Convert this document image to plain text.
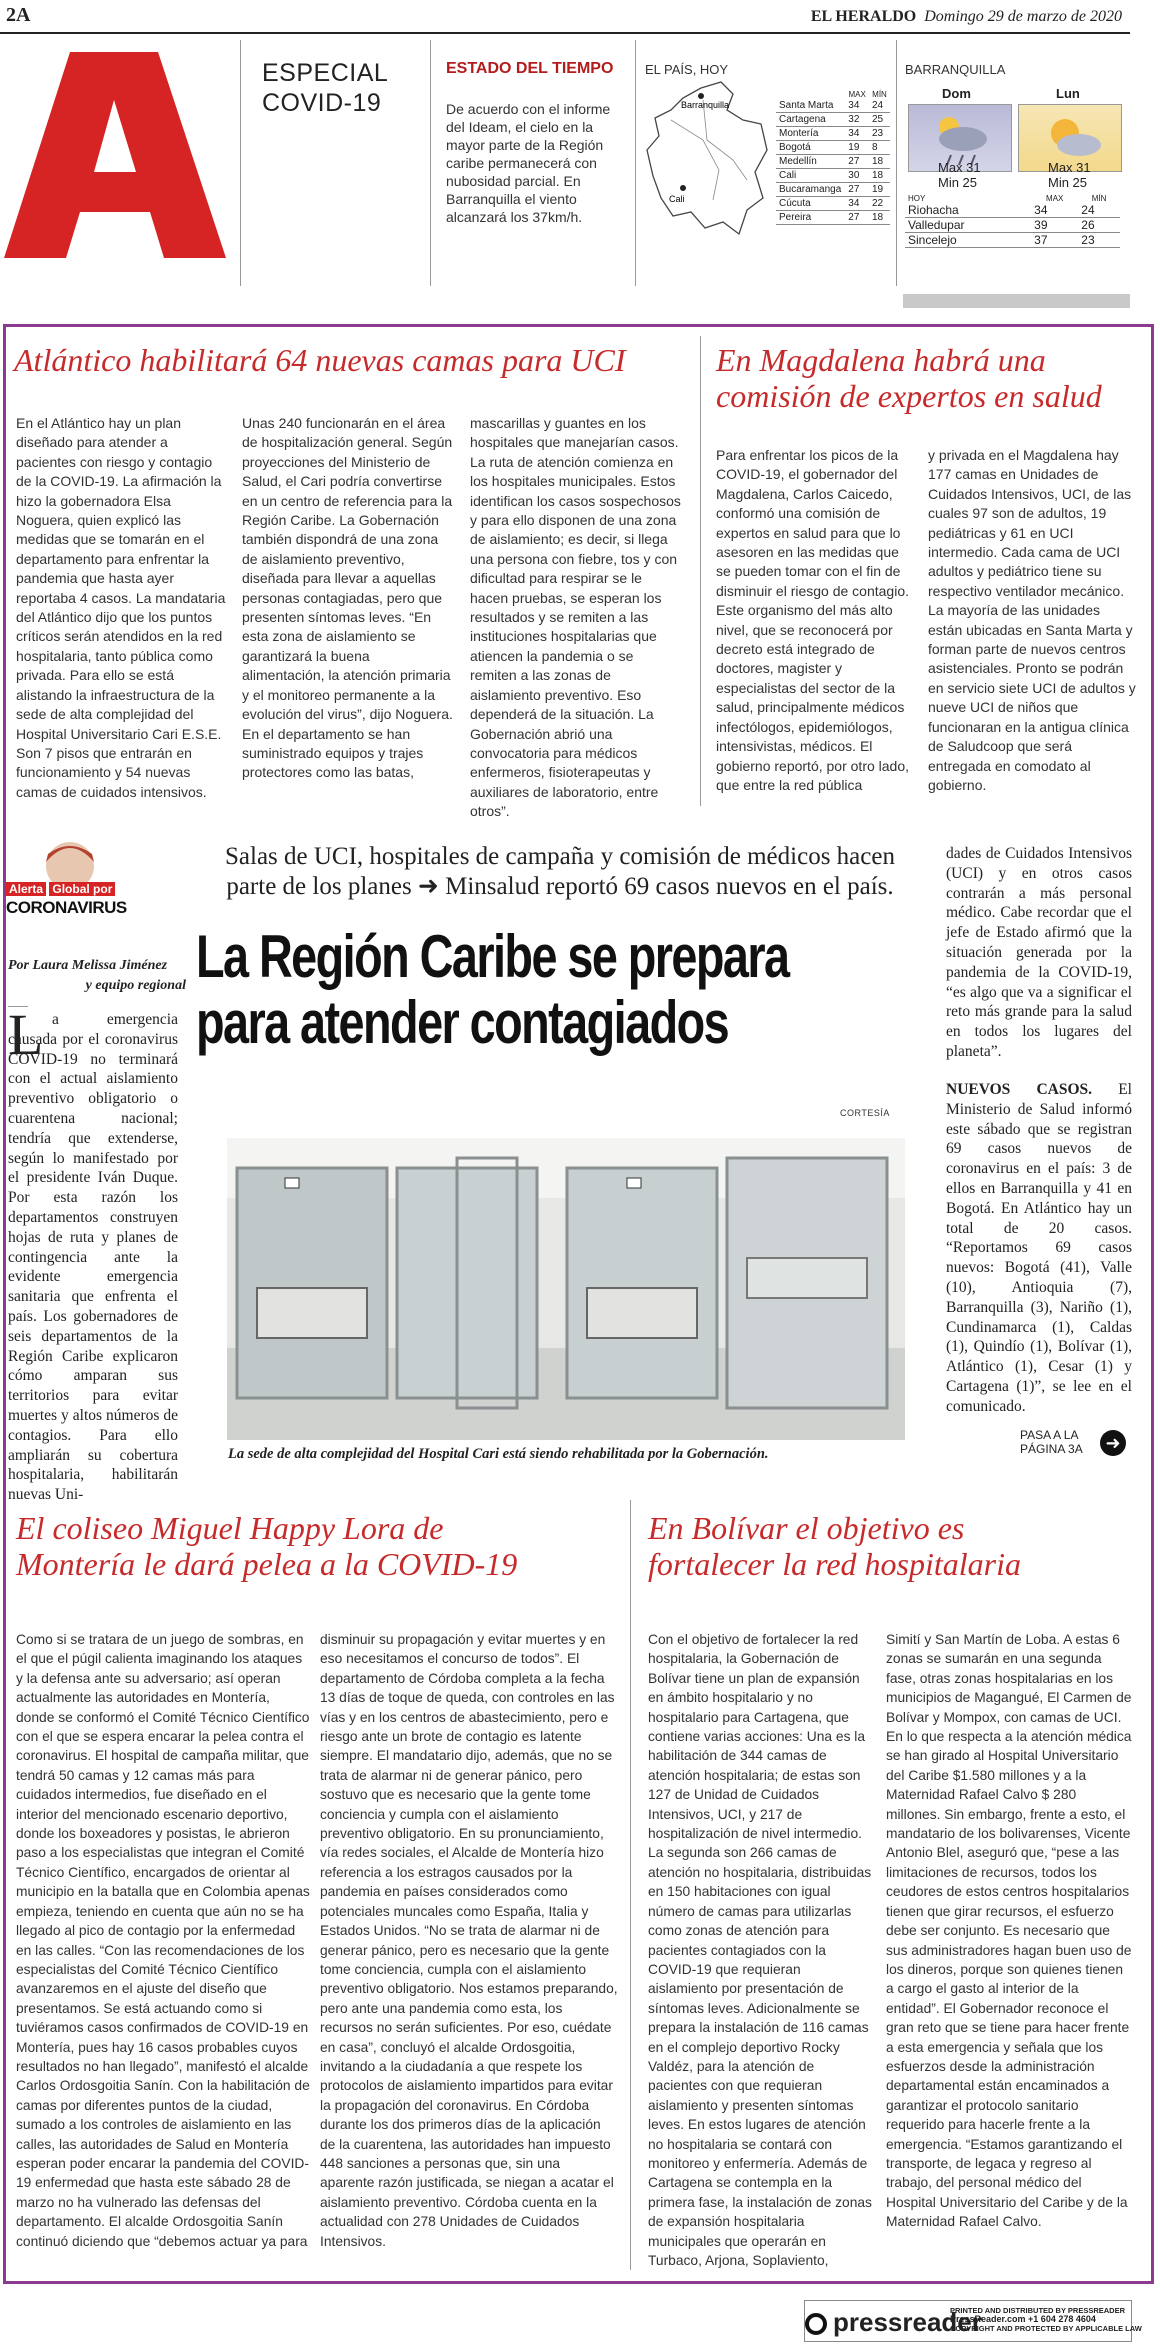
2A	EL HERALDO Domingo 29 de marzo de 2020
ESPECIAL
COVID-19
ESTADO DEL TIEMPO
De acuerdo con el informe del Ideam, el cielo en la mayor parte de la Región caribe permanecerá con nubosidad parcial. En Barranquilla el viento alcanzará los 37km/h.
EL PAÍS, HOY
Barranquilla
Cali
	MAX	MÍN
Santa Marta	34	24
Cartagena	32	25
Montería	34	23
Bogotá	19	8
Medellín	27	18
Cali	30	18
Bucaramanga	27	19
Cúcuta	34	22
Pereira	27	18
BARRANQUILLA
Dom	Lun
Max 31
Min 25
Max 31
Min 25
HOY	MAX	MÍN
Riohacha	34	24
Valledupar	39	26
Sincelejo	37	23
Atlántico habilitará 64 nuevas camas para UCI
En el Atlántico hay un plan diseñado para atender a pacientes con riesgo y contagio de la COVID-19. La afirmación la hizo la gobernadora Elsa Noguera, quien explicó las medidas que se tomarán en el departamento para enfrentar la pandemia que hasta ayer reportaba 4 casos. La mandataria del Atlántico dijo que los puntos críticos serán atendidos en la red hospitalaria, tanto pública como privada. Para ello se está alistando la infraestructura de la sede de alta complejidad del Hospital Universitario Cari E.S.E. Son 7 pisos que entrarán en funcionamiento y 54 nuevas camas de cuidados intensivos.
Unas 240 funcionarán en el área de hospitalización general. Según proyecciones del Ministerio de Salud, el Cari podría convertirse en un centro de referencia para la Región Caribe. La Gobernación también dispondrá de una zona de aislamiento preventivo, diseñada para llevar a aquellas personas contagiadas, pero que presenten síntomas leves. “En esta zona de aislamiento se garantizará la buena alimentación, la atención primaria y el monitoreo permanente a la evolución del virus”, dijo Noguera. En el departamento se han suministrado equipos y trajes protectores como las batas,
mascarillas y guantes en los hospitales que manejarían casos. La ruta de atención comienza en los hospitales municipales. Estos identifican los casos sospechosos y para ello disponen de una zona de aislamiento; es decir, si llega una persona con fiebre, tos y con dificultad para respirar se le hacen pruebas, se esperan los resultados y se remiten a las instituciones hospitalarias que atiencen la pandemia o se remiten a las zonas de aislamiento preventivo. Eso dependerá de la situación. La Gobernación abrió una convocatoria para médicos enfermeros, fisioterapeutas y auxiliares de laboratorio, entre otros”.
En Magdalena habrá una comisión de expertos en salud
Para enfrentar los picos de la COVID-19, el gobernador del Magdalena, Carlos Caicedo, conformó una comisión de expertos en salud para que lo asesoren en las medidas que se pueden tomar con el fin de disminuir el riesgo de contagio. Este organismo del más alto nivel, que se reconocerá por decreto está integrado de doctores, magister y especialistas del sector de la salud, principalmente médicos infectólogos, epidemiólogos, intensivistas, médicos. El gobierno reportó, por otro lado, que entre la red pública
y privada en el Magdalena hay 177 camas en Unidades de Cuidados Intensivos, UCI, de las cuales 97 son de adultos, 19 pediátricas y 61 en UCI intermedio. Cada cama de UCI adultos y pediátrico tiene su respectivo ventilador mecánico. La mayoría de las unidades están ubicadas en Santa Marta y forman parte de nuevos centros asistenciales. Pronto se podrán en servicio siete UCI de adultos y nueve UCI de niños que funcionaran en la antigua clínica de Saludcoop que será entregada en comodato al gobierno.
Alerta Global por
CORONAVIRUS
Salas de UCI, hospitales de campaña y comisión de médicos hacen
parte de los planes ➜ Minsalud reportó 69 casos nuevos en el país.
La Región Caribe se prepara
para atender contagiados
Por Laura Melissa Jiménez
y equipo regional
L a emergencia causada por el coronavirus COVID-19 no terminará con el actual aislamiento preventivo obligatorio o cuarentena nacional; tendría que extenderse, según lo manifestado por el presidente Iván Duque. Por esta razón los departamentos construyen hojas de ruta y planes de contingencia ante la evidente emergencia sanitaria que enfrenta el país. Los gobernadores de seis departamentos de la Región Caribe explicaron cómo amparan sus territorios para evitar muertes y altos números de contagios. Para ello ampliarán su cobertura hospitalaria, habilitarán nuevas Uni-
CORTESÍA
La sede de alta complejidad del Hospital Cari está siendo rehabilitada por la Gobernación.
dades de Cuidados Intensivos (UCI) y en otros casos contrarán a más personal médico. Cabe recordar que el jefe de Estado afirmó que la situación generada por la pandemia de la COVID-19, “es algo que va a significar el reto más grande para la salud en todos los lugares del planeta”.
NUEVOS CASOS. El Ministerio de Salud informó este sábado que se registran 69 casos nuevos de coronavirus en el país: 3 de ellos en Barranquilla y 41 en Bogotá. En Atlántico hay un total de 20 casos. “Reportamos 69 casos nuevos: Bogotá (41), Valle (10), Antioquia (7), Barranquilla (3), Nariño (1), Cundinamarca (1), Caldas (1), Quindío (1), Bolívar (1), Atlántico (1), Cesar (1) y Cartagena (1)”, se lee en el comunicado.
PASA A LA
PÁGINA 3A	➜
El coliseo Miguel Happy Lora de
Montería le dará pelea a la COVID-19
Como si se tratara de un juego de sombras, en el que el púgil calienta imaginando los ataques y la defensa ante su adversario; así operan actualmente las autoridades en Montería, donde se conformó el Comité Técnico Científico con el que se espera encarar la pelea contra el coronavirus. El hospital de campaña militar, que tendrá 50 camas y 12 camas más para cuidados intermedios, fue diseñado en el interior del mencionado escenario deportivo, donde los boxeadores y posistas, le abrieron paso a los especialistas que integran el Comité Técnico Científico, encargados de orientar al municipio en la batalla que en Colombia apenas empieza, teniendo en cuenta que aún no se ha llegado al pico de contagio por la enfermedad en las calles. “Con las recomendaciones de los especialistas del Comité Técnico Científico avanzaremos en el ajuste del diseño que presentamos. Se está actuando como si tuviéramos casos confirmados de COVID-19 en Montería, pues hay 16 casos probables cuyos resultados no han llegado”, manifestó el alcalde Carlos Ordosgoitia Sanín. Con la habilitación de camas por diferentes puntos de la ciudad, sumado a los controles de aislamiento en las calles, las autoridades de Salud en Montería esperan poder encarar la pandemia del COVID-19 enfermedad que hasta este sábado 28 de marzo no ha vulnerado las defensas del departamento. El alcalde Ordosgoitia Sanín continuó diciendo que “debemos actuar ya para
disminuir su propagación y evitar muertes y en eso necesitamos el concurso de todos”. El departamento de Córdoba completa a la fecha 13 días de toque de queda, con controles en las vías y en los centros de abastecimiento, pero e riesgo ante un brote de contagio es latente siempre. El mandatario dijo, además, que no se trata de alarmar ni de generar pánico, pero sostuvo que es necesario que la gente tome conciencia y cumpla con el aislamiento preventivo obligatorio. En su pronunciamiento, vía redes sociales, el Alcalde de Montería hizo referencia a los estragos causados por la pandemia en países considerados como potenciales muncales como España, Italia y Estados Unidos. “No se trata de alarmar ni de generar pánico, pero es necesario que la gente tome conciencia, cumpla con el aislamiento preventivo obligatorio. Nos estamos preparando, pero ante una pandemia como esta, los recursos no serán suficientes. Por eso, cuédate en casa”, concluyó el alcalde Ordosgoitia, invitando a la ciudadanía a que respete los protocolos de aislamiento impartidos para evitar la propagación del coronavirus. En Córdoba durante los dos primeros días de la aplicación de la cuarentena, las autoridades han impuesto 448 sanciones a personas que, sin una aparente razón justificada, se niegan a acatar el aislamiento preventivo. Córdoba cuenta en la actualidad con 278 Unidades de Cuidados Intensivos.
En Bolívar el objetivo es
fortalecer la red hospitalaria
Con el objetivo de fortalecer la red hospitalaria, la Gobernación de Bolívar tiene un plan de expansión en ámbito hospitalario y no hospitalario para Cartagena, que contiene varias acciones: Una es la habilitación de 344 camas de atención hospitalaria; de estas son 127 de Unidad de Cuidados Intensivos, UCI, y 217 de hospitalización de nivel intermedio. La segunda son 266 camas de atención no hospitalaria, distribuidas en 150 habitaciones con igual número de camas para utilizarlas como zonas de atención para pacientes contagiados con la COVID-19 que requieran aislamiento por presentación de síntomas leves. Adicionalmente se prepara la instalación de 116 camas en el complejo deportivo Rocky Valdéz, para la atención de pacientes con que requieran aislamiento y presenten síntomas leves. En estos lugares de atención no hospitalaria se contará con monitoreo y enfermería. Además de Cartagena se contempla en la primera fase, la instalación de zonas de expansión hospitalaria municipales que operarán en Turbaco, Arjona, Soplaviento,
Simití y San Martín de Loba. A estas 6 zonas se sumarán en una segunda fase, otras zonas hospitalarias en los municipios de Magangué, El Carmen de Bolívar y Mompox, con camas de UCI. En lo que respecta a la atención médica se han girado al Hospital Universitario del Caribe $1.580 millones y a la Maternidad Rafael Calvo $ 280 millones. Sin embargo, frente a esto, el mandatario de los bolivarenses, Vicente Antonio Blel, aseguró que, “pese a las limitaciones de recursos, todos los ceudores de estos centros hospitalarios tienen que girar recursos, el esfuerzo debe ser conjunto. Es necesario que sus administradores hagan buen uso de los dineros, porque son quienes tienen a cargo el gasto al interior de la entidad”. El Gobernador reconoce el gran reto que se tiene para hacer frente a esta emergencia y señala que los esfuerzos desde la administración departamental están encaminados a garantizar el protocolo sanitario requerido para hacerle frente a la emergencia. “Estamos garantizando el transporte, de legaca y regreso al trabajo, del personal médico del Hospital Universitario del Caribe y de la Maternidad Rafael Calvo.
pressreader
PRINTED AND DISTRIBUTED BY PRESSREADER
PressReader.com +1 604 278 4604
COPYRIGHT AND PROTECTED BY APPLICABLE LAW
